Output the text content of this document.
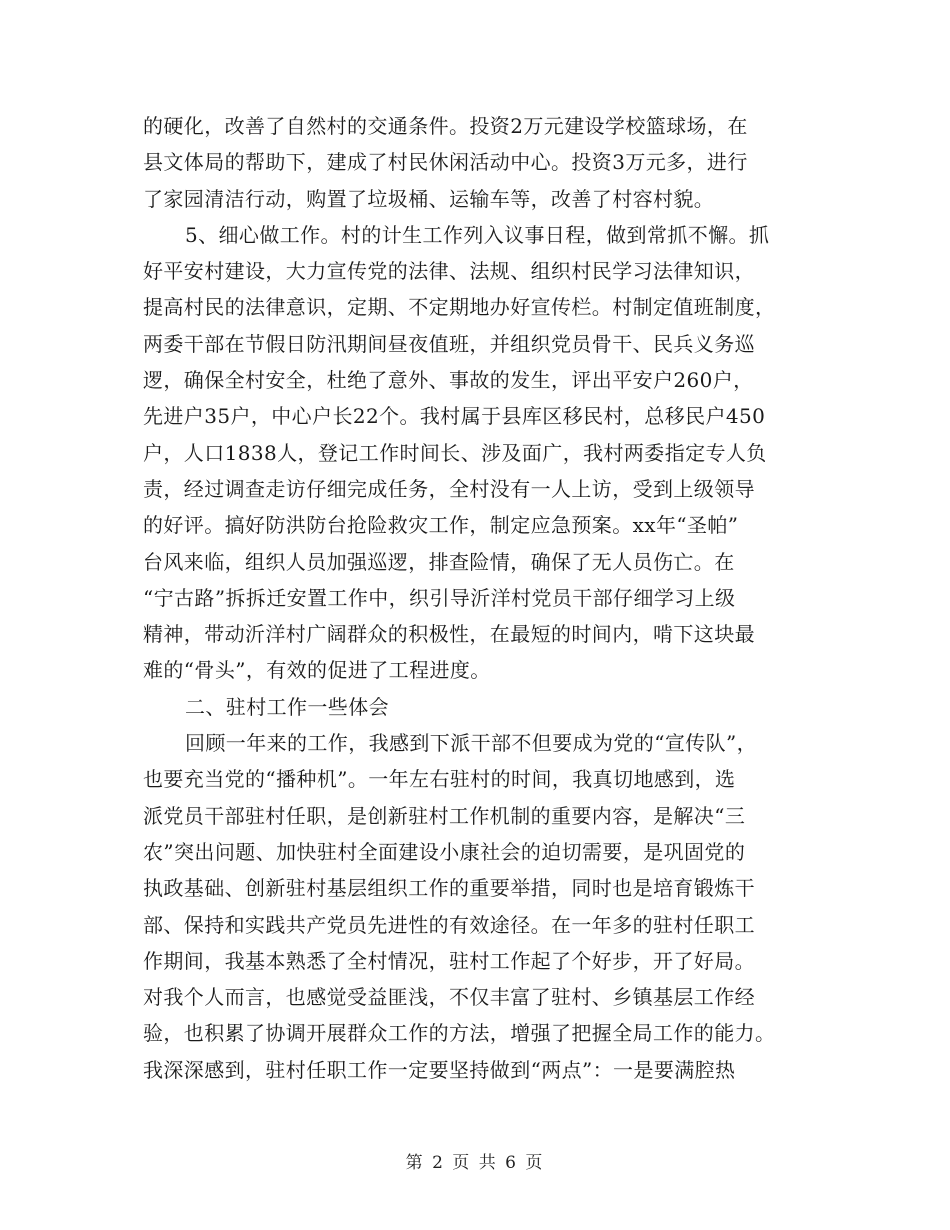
的硬化，改善了自然村的交通条件。投资2万元建设学校篮球场，在
县文体局的帮助下，建成了村民休闲活动中心。投资3万元多，进行
了家园清洁行动，购置了垃圾桶、运输车等，改善了村容村貌。
5、细心做工作。村的计生工作列入议事日程，做到常抓不懈。抓
好平安村建设，大力宣传党的法律、法规、组织村民学习法律知识，
提高村民的法律意识，定期、不定期地办好宣传栏。村制定值班制度，
两委干部在节假日防汛期间昼夜值班，并组织党员骨干、民兵义务巡
逻，确保全村安全，杜绝了意外、事故的发生，评出平安户260户，
先进户35户，中心户长22个。我村属于县库区移民村，总移民户450
户，人口1838人，登记工作时间长、涉及面广，我村两委指定专人负
责，经过调查走访仔细完成任务，全村没有一人上访，受到上级领导
的好评。搞好防洪防台抢险救灾工作，制定应急预案。xx年“圣帕”
台风来临，组织人员加强巡逻，排查险情，确保了无人员伤亡。在
“宁古路”拆拆迁安置工作中，织引导沂洋村党员干部仔细学习上级
精神，带动沂洋村广阔群众的积极性，在最短的时间内，啃下这块最
难的“骨头”，有效的促进了工程进度。
二、驻村工作一些体会
回顾一年来的工作，我感到下派干部不但要成为党的“宣传队”，
也要充当党的“播种机”。一年左右驻村的时间，我真切地感到，选
派党员干部驻村任职，是创新驻村工作机制的重要内容，是解决“三
农”突出问题、加快驻村全面建设小康社会的迫切需要，是巩固党的
执政基础、创新驻村基层组织工作的重要举措，同时也是培育锻炼干
部、保持和实践共产党员先进性的有效途径。在一年多的驻村任职工
作期间，我基本熟悉了全村情况，驻村工作起了个好步，开了好局。
对我个人而言，也感觉受益匪浅，不仅丰富了驻村、乡镇基层工作经
验，也积累了协调开展群众工作的方法，增强了把握全局工作的能力。
我深深感到，驻村任职工作一定要坚持做到“两点”：一是要满腔热
第 2 页 共 6 页
